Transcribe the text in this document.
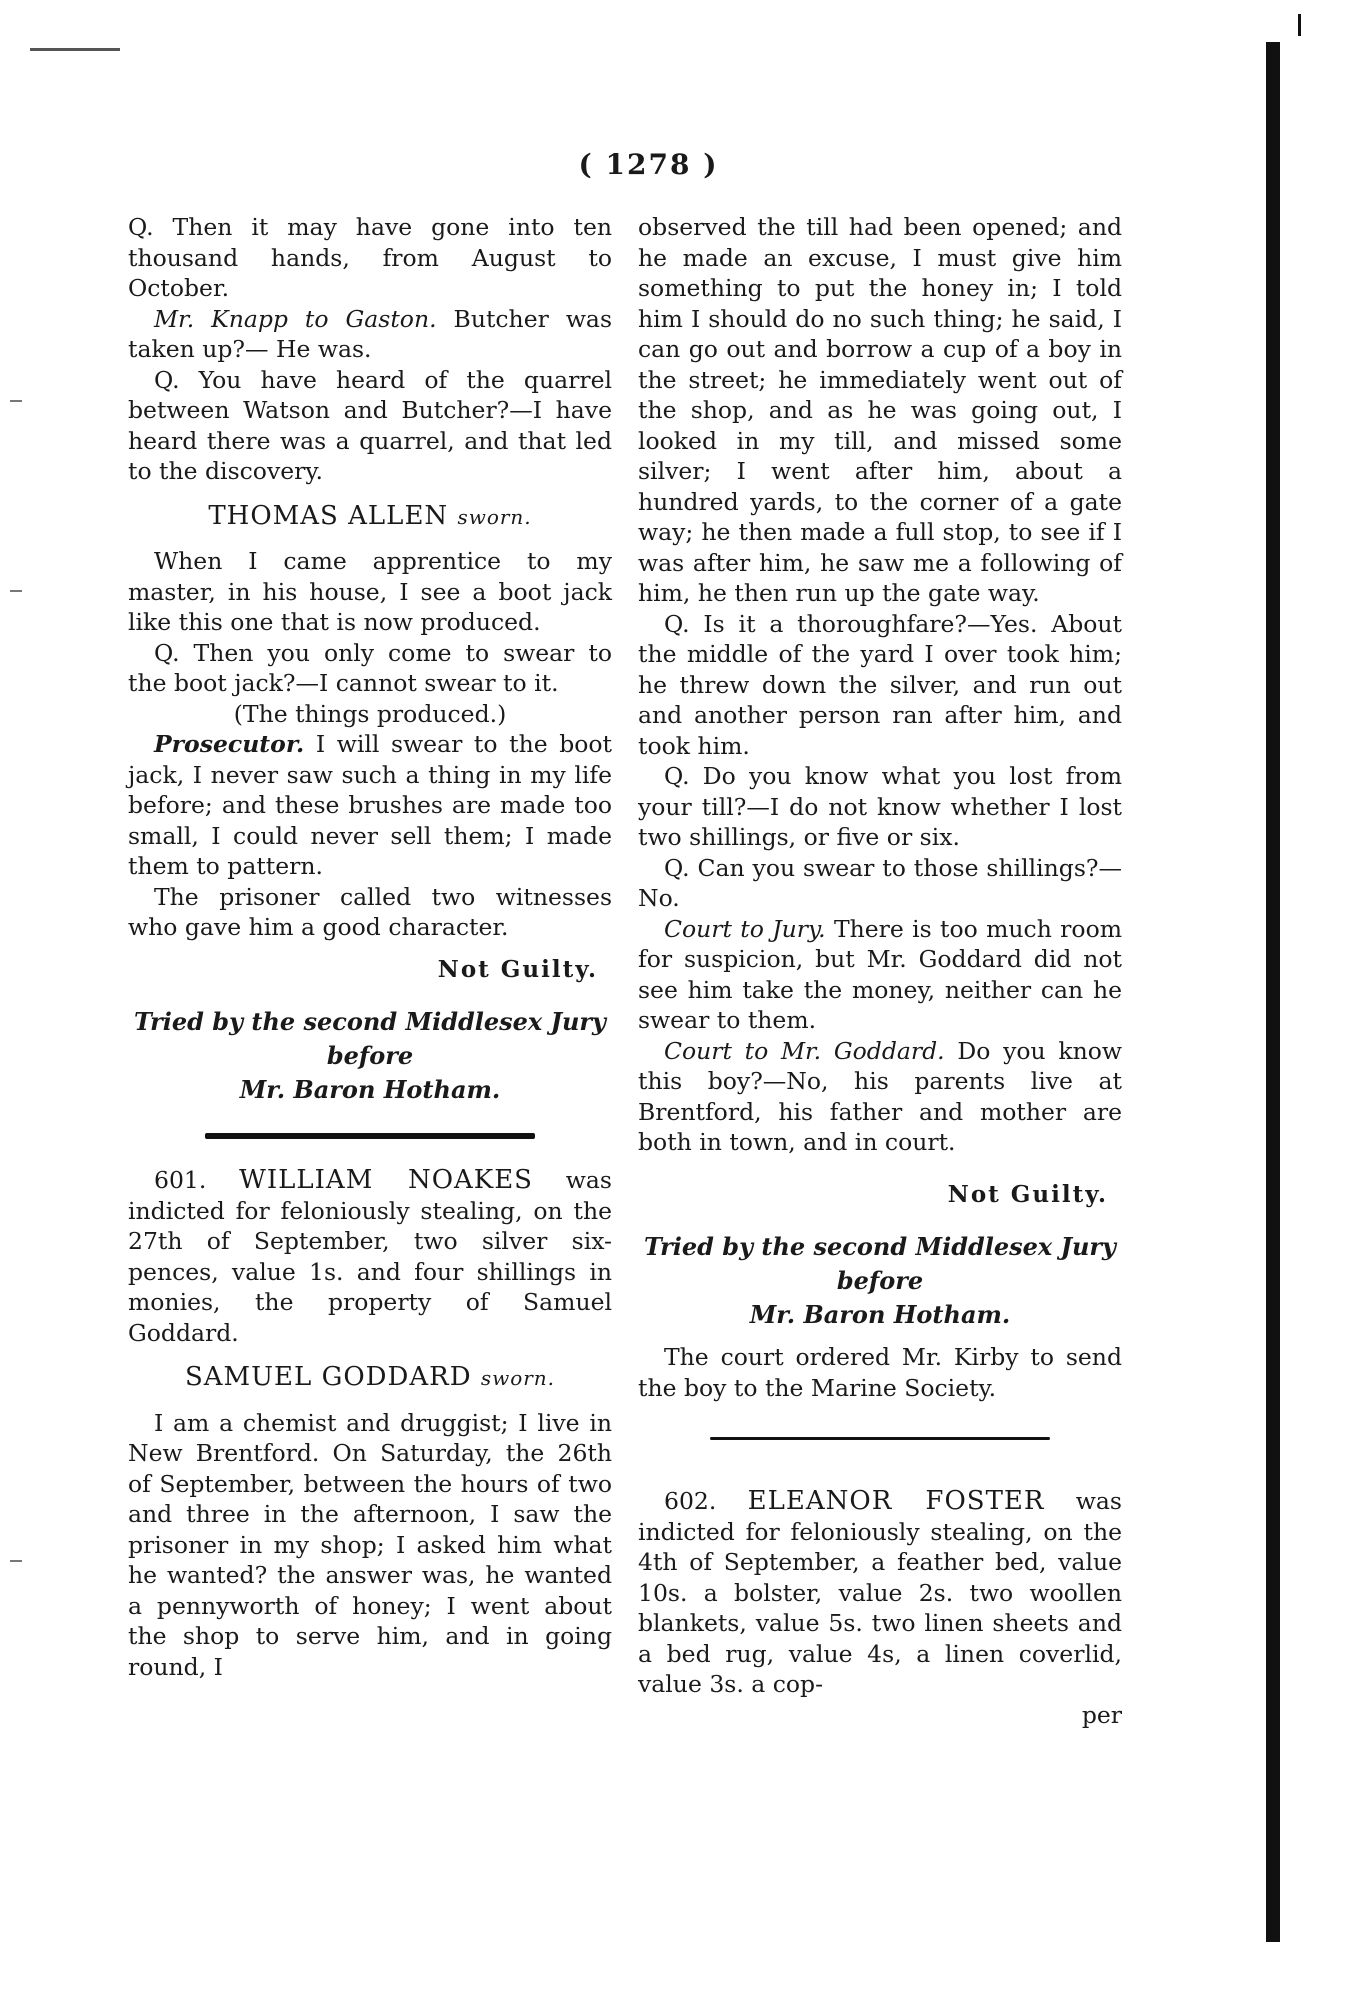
( 1278 )

Q. Then it may have gone into ten thousand hands, from August to October.

Mr. Knapp to Gaston. Butcher was taken up?— He was.

Q. You have heard of the quarrel between Watson and Butcher?—I have heard there was a quarrel, and that led to the discovery.

THOMAS ALLEN sworn.

When I came apprentice to my master, in his house, I see a boot jack like this one that is now produced.

Q. Then you only come to swear to the boot jack?—I cannot swear to it.

(The things produced.)

Prosecutor. I will swear to the boot jack, I never saw such a thing in my life before; and these brushes are made too small, I could never sell them; I made them to pattern.

The prisoner called two witnesses who gave him a good character.

Not Guilty.
Tried by the second Middlesex Jury before
Mr. Baron Hotham.

601. WILLIAM NOAKES was indicted for feloniously stealing, on the 27th of September, two silver six-pences, value 1s. and four shillings in monies, the property of Samuel Goddard.

SAMUEL GODDARD sworn.

I am a chemist and druggist; I live in New Brentford. On Saturday, the 26th of September, between the hours of two and three in the afternoon, I saw the prisoner in my shop; I asked him what he wanted? the answer was, he wanted a pennyworth of honey; I went about the shop to serve him, and in going round, I

observed the till had been opened; and he made an excuse, I must give him something to put the honey in; I told him I should do no such thing; he said, I can go out and borrow a cup of a boy in the street; he immediately went out of the shop, and as he was going out, I looked in my till, and missed some silver; I went after him, about a hundred yards, to the corner of a gate way; he then made a full stop, to see if I was after him, he saw me a following of him, he then run up the gate way.

Q. Is it a thoroughfare?—Yes. About the middle of the yard I over took him; he threw down the silver, and run out and another person ran after him, and took him.

Q. Do you know what you lost from your till?—I do not know whether I lost two shillings, or five or six.

Q. Can you swear to those shillings?—No.

Court to Jury. There is too much room for suspicion, but Mr. Goddard did not see him take the money, neither can he swear to them.

Court to Mr. Goddard. Do you know this boy?—No, his parents live at Brentford, his father and mother are both in town, and in court.

Not Guilty.
Tried by the second Middlesex Jury before
Mr. Baron Hotham.

The court ordered Mr. Kirby to send the boy to the Marine Society.

602. ELEANOR FOSTER was indicted for feloniously stealing, on the 4th of September, a feather bed, value 10s. a bolster, value 2s. two woollen blankets, value 5s. two linen sheets and a bed rug, value 4s, a linen coverlid, value 3s. a cop-

per
